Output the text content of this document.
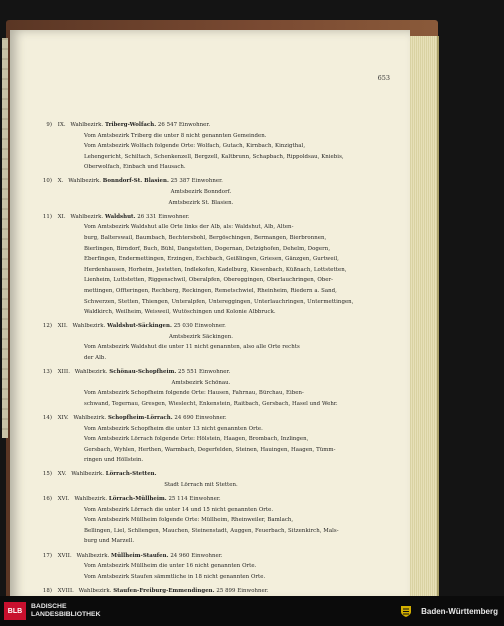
653
9) IX. Wahlbezirk. Triberg-Wolfach. 26 547 Einwohner.
Vom Amtsbezirk Triberg die unter 8 nicht genannten Gemeinden.
Vom Amtsbezirk Wolfach folgende Orte: Wolfach, Gutach, Kirnbach, Kinzigthal,
Lehengericht, Schiltach, Schenkenzell, Bergzell, Kaltbrunn, Schapbach, Rippoldsau, Kniebis,
Oberwolfach, Einbach und Hausach.
10) X. Wahlbezirk. Bonndorf-St. Blasien. 25 387 Einwohner.
Amtsbezirk Bonndorf.
Amtsbezirk St. Blasien.
11) XI. Wahlbezirk. Waldshut. 26 331 Einwohner.
Vom Amtsbezirk Waldshut alle Orte links der Alb, als: Waldshut, Alb, Alten-
burg, Balterswail, Baumbach, Bechtersbohl, Bergöschingen, Bermangen, Bierbronnen,
Bierlingen, Birndorf, Buch, Bühl, Dangstetten, Dogernan, Detzighofen, Dehelm, Dogern,
Eberfingen, Endermettingen, Erzingen, Eschbach, Geißlingen, Griesen, Gänzgen, Gurtweil,
Herdenhausen, Horheim, Jestetten, Indlekofen, Kadelburg, Kiesenbach, Küßnach, Lottstetten,
Lienheim, Luttstetten, Riggenschwil, Oberalpfen, Obereggingen, Oberlauchringen, Ober-
mettingen, Offteringen, Rechberg, Reckingen, Remetschwiel, Rheinheim, Riedern a. Sand,
Schwerzen, Stetten, Thiengen, Unteralpfen, Untereggingen, Unterlauchringen, Untermettingen,
Waldkirch, Weilheim, Weisweil, Wutöschingen und Kolonie Albbruck.
12) XII. Wahlbezirk. Waldshut-Säckingen. 25 030 Einwohner.
Amtsbezirk Säckingen.
Vom Amtsbezirk Waldshut die unter 11 nicht genannten, also alle Orte rechts
der Alb.
13) XIII. Wahlbezirk. Schönau-Schopfheim. 25 551 Einwohner.
Amtsbezirk Schönau.
Vom Amtsbezirk Schopfheim folgende Orte: Hausen, Fahrnau, Bürchau, Eiben-
schwand, Tegernau, Gresgen, Wieslecht, Enkenstein, Raitbach, Gersbach, Hasel und Wehr.
14) XIV. Wahlbezirk. Schopfheim-Lörrach. 24 690 Einwohner.
Vom Amtsbezirk Schopfheim die unter 13 nicht genannten Orte.
Vom Amtsbezirk Lörrach folgende Orte: Hölstein, Haagen, Brombach, Inzlingen,
Gersbach, Wyhlen, Herthen, Warmbach, Degerfelden, Steinen, Hauingen, Haagen, Tümm-
ringen und Höllstein.
15) XV. Wahlbezirk. Lörrach-Stetten.
Stadt Lörrach mit Stetten.
16) XVI. Wahlbezirk. Lörrach-Müllheim. 25 114 Einwohner.
Vom Amtsbezirk Lörrach die unter 14 und 15 nicht genannten Orte.
Vom Amtsbezirk Müllheim folgende Orte: Müllheim, Rheinweiler, Bamlach,
Bellingen, Liel, Schliengen, Mauchen, Steinenstadt, Auggen, Feuerbach, Sitzenkirch, Mals-
burg und Marzell.
17) XVII. Wahlbezirk. Müllheim-Staufen. 24 960 Einwohner.
Vom Amtsbezirk Müllheim die unter 16 nicht genannten Orte.
Vom Amtsbezirk Staufen sämmtliche in 18 nicht genannten Orte.
18) XVIII. Wahlbezirk. Staufen-Freiburg-Emmendingen. 25 899 Einwohner.
BLB
BADISCHE
LANDESBIBLIOTHEK	Baden-Württemberg
